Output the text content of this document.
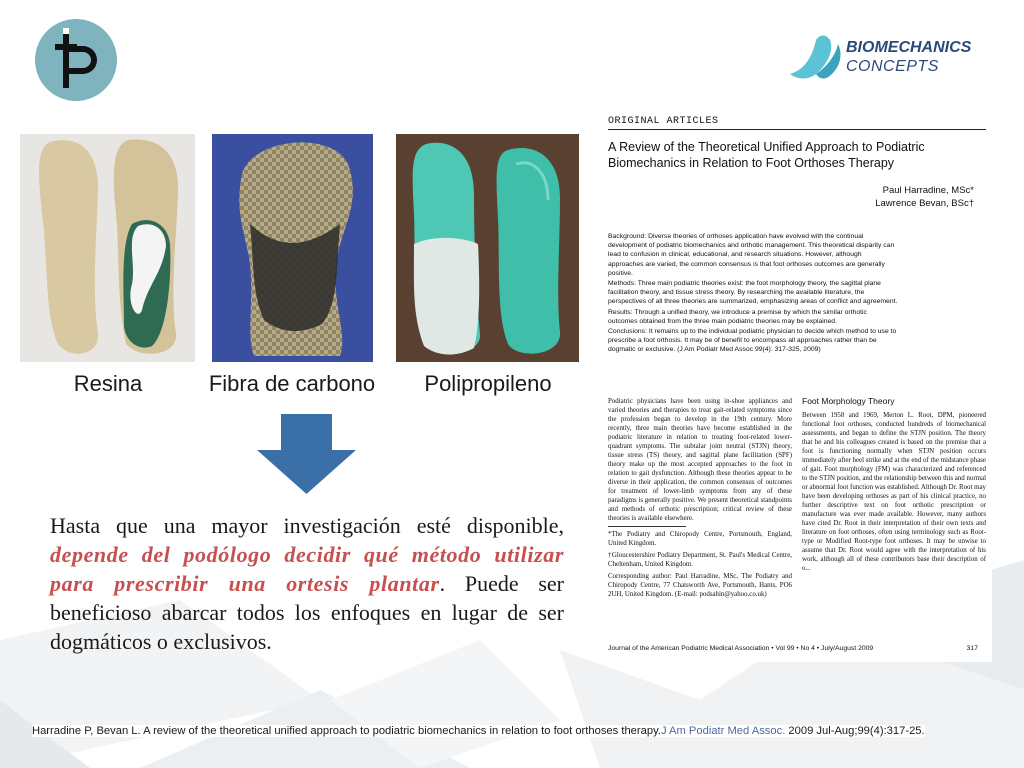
BIOMECHANICS
CONCEPTS
Resina	Fibra de carbono	Polipropileno
Hasta que una mayor investigación esté disponible, depende del podólogo decidir qué método utilizar para prescribir una ortesis plantar. Puede ser beneficioso abarcar todos los enfoques en lugar de ser dogmáticos o exclusivos.
ORIGINAL ARTICLES
A Review of the Theoretical Unified Approach to Podiatric Biomechanics in Relation to Foot Orthoses Therapy
Paul Harradine, MSc*
Lawrence Bevan, BSc†

Background: Diverse theories of orthoses application have evolved with the continual development of podiatric biomechanics and orthotic management. This theoretical disparity can lead to confusion in clinical, educational, and research situations. However, although approaches are varied, the common consensus is that foot orthoses outcomes are generally positive.

Methods: Three main podiatric theories exist: the foot morphology theory, the sagittal plane facilitation theory, and tissue stress theory. By researching the available literature, the perspectives of all three theories are summarized, emphasizing areas of conflict and agreement.

Results: Through a unified theory, we introduce a premise by which the similar orthotic outcomes obtained from the three main podiatric theories may be explained.

Conclusions: It remains up to the individual podiatric physician to decide which method to use to prescribe a foot orthosis. It may be of benefit to encompass all approaches rather than be dogmatic or exclusive. (J Am Podiatr Med Assoc 99(4): 317-325, 2009)

Podiatric physicians have been using in-shoe appliances and varied theories and therapies to treat gait-related symptoms since the profession began to develop in the 19th century. More recently, three main theories have become established in the podiatric literature in relation to treating foot-related lower-quadrant symptoms. The subtalar joint neutral (STJN) theory, tissue stress (TS) theory, and sagittal plane facilitation (SPF) theory make up the most accepted approaches to the foot in relation to gait dysfunction. Although these theories appear to be diverse in their application, the common consensus of outcomes for treatment of lower-limb symptoms from any of these paradigms is generally positive. We present theoretical standpoints and methods of orthotic prescription; critical review of these theories is available elsewhere.

*The Podiatry and Chiropody Centre, Portsmouth, England, United Kingdom.

†Gloucestershire Podiatry Department, St. Paul's Medical Centre, Cheltenham, United Kingdom.

Corresponding author: Paul Harradine, MSc, The Podiatry and Chiropody Centre, 77 Chatsworth Ave, Portsmouth, Hants, PO6 2UH, United Kingdom. (E-mail: podsahin@yahoo.co.uk)

Foot Morphology Theory

Between 1958 and 1969, Merton L. Root, DPM, pioneered functional foot orthoses, conducted hundreds of biomechanical assessments, and began to define the STJN position. The theory that he and his colleagues created is based on the premise that a foot is functioning normally when STJN position occurs immediately after heel strike and at the end of the midstance phase of gait. Foot morphology (FM) was characterized and referenced to the STJN position, and the relationship between this and normal or abnormal foot function was established. Although Dr. Root may have been developing orthoses as part of his clinical practice, no further descriptive text on foot orthotic prescription or manufacture was ever made available. However, many authors have cited Dr. Root in their interpretation of their own texts and literature on foot orthoses, often using terminology such as Root-type or Modified Root-type foot orthoses. It may be unwise to assume that Dr. Root would agree with the interpretation of his work, although all of these contributors base their description of o...

Journal of the American Podiatric Medical Association • Vol 99 • No 4 • July/August 2009	317
Harradine P, Bevan L. A review of the theoretical unified approach to podiatric biomechanics in relation to foot orthoses therapy.J Am Podiatr Med Assoc. 2009 Jul-Aug;99(4):317-25.
